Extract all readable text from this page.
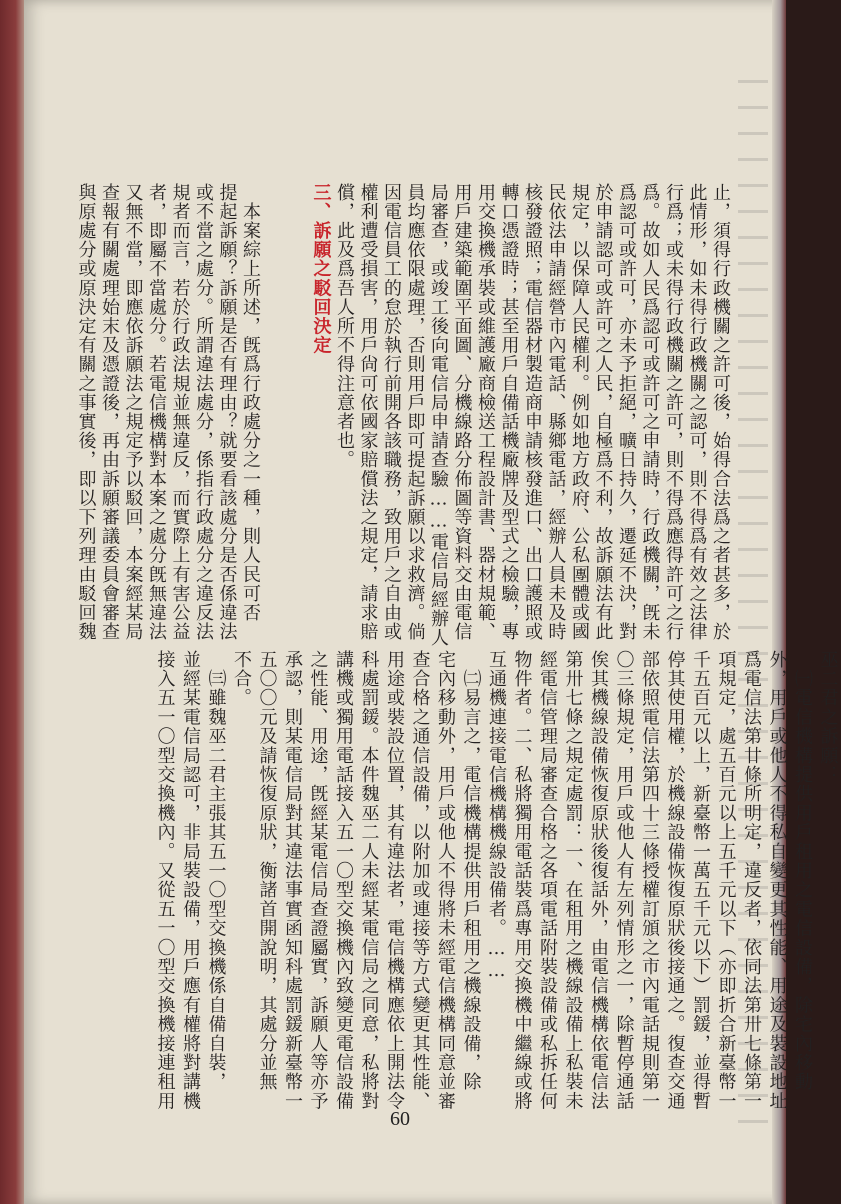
止，須得行政機關之許可後，始得合法爲之者甚多，於

此情形，如未得行政機關之認可，則不得爲有效之法律

行爲；或未得行政機關之許可，則不得爲應得許可之行

爲。故如人民爲認可或許可之申請時，行政機關，旣未

爲認可或許可，亦未予拒絕，曠日持久，遷延不決，對

於申請認可或許可之人民，自極爲不利，故訴願法有此

規定，以保障人民權利。例如地方政府、公私團體或國

民依法申請經營市內電話、縣鄉電話，經辦人員未及時

核發證照；電信器材製造商申請核發進口、出口護照或

轉口憑證時；甚至用戶自備話機廠牌及型式之檢驗，專

用交換機承裝或維護廠商檢送工程設計書、器材規範、

用戶建築範圍平面圖、分機線路分佈圖等資料交由電信

局審查，或竣工後向電信局申請查驗……電信局經辦人

員均應依限處理，否則用戶即可提起訴願以求救濟。倘

因電信員工的怠於執行前開各該職務，致用戶之自由或

權利遭受損害，用戶尙可依國家賠償法之規定，請求賠

償，此及爲吾人所不得注意者也。

三、訴願之駁回決定

　本案綜上所述，旣爲行政處分之一種，則人民可否

提起訴願？訴願是否有理由？就要看該處分是否係違法

或不當之處分。所謂違法處分，係指行政處分之違反法

規者而言，若於行政法規並無違反，而實際上有害公益

者，即屬不當處分。若電信機構對本案之處分旣無違法

又無不當，即應依訴願法之規定予以駁回，本案經某局

查報有關處理始末及憑證後，再由訴願審議委員會審查

與原處分或原決定有關之事實後，即以下列理由駁回魏

巫二君之訴願：

　㈠電信機構提供用戶租用之電信設備，除宅內移動

外，用戶或他人不得私自變更其性能、用途及裝設地址

爲電信法第廿條所明定，違反者，依同法第卅七條第一

項規定，處五百元以上五千元以下（亦即折合新臺幣一

千五百元以上，新臺幣一萬五千元以下）罰鍰，並得暫

停其使用權，於機線設備恢復原狀後接通之。復查交通

部依照電信法第四十三條授權訂頒之市內電話規則第一

〇三條規定，用戶或他人有左列情形之一，除暫停通話

俟其機線設備恢復原狀後復話外，由電信機構依電信法

第卅七條之規定處罰：一、在租用之機線設備上私裝未

經電信管理局審查合格之各項電話附裝設備或私拆任何

物件者。二、私將獨用電話裝爲專用交換機中繼線或將

互通機連接電信機構機線設備者。……

　㈡易言之，電信機構提供用戶租用之機線設備，除

宅內移動外，用戶或他人不得將未經電信機構同意並審

查合格之通信設備，以附加或連接等方式變更其性能、

用途或裝設位置，其有違法者，電信機構應依上開法令

科處罰鍰。本件魏巫二人未經某電信局之同意，私將對

講機或獨用電話接入五一〇型交換機內致變更電信設備

之性能、用途，旣經某電信局查證屬實，訴願人等亦予

承認，則某電信局對其違法事實函知科處罰鍰新臺幣一

五〇〇元及請恢復原狀，衡諸首開說明，其處分並無

不合。

　㈢雖魏巫二君主張其五一〇型交換機係自備自裝，

並經某電信局認可，非局裝設備，用戶應有權將對講機

接入五一〇型交換機內。又從五一〇型交換機接連租用

60
